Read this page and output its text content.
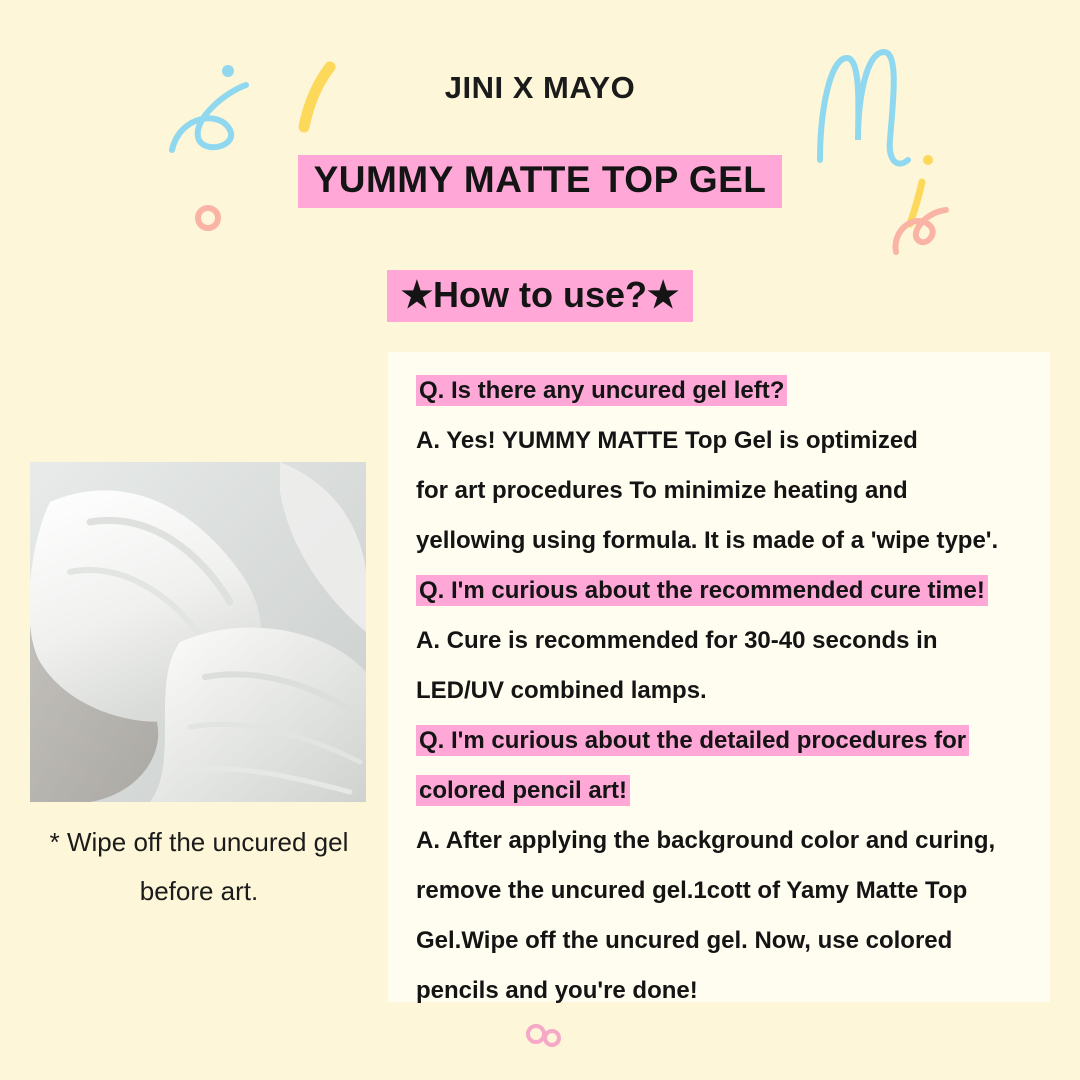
JINI X MAYO
YUMMY MATTE TOP GEL
★How to use?★
* Wipe off the uncured gel
before art.
Q. Is there any uncured gel left?
A. Yes! YUMMY MATTE Top Gel is optimized
for art procedures To minimize heating and
yellowing using formula. It is made of a 'wipe type'.
Q. I'm curious about the recommended cure time!
A. Cure is recommended for 30-40 seconds in
LED/UV combined lamps.
Q. I'm curious about the detailed procedures for
colored pencil art!
A. After applying the background color and curing,
remove the uncured gel.1cott of Yamy Matte Top
Gel.Wipe off the uncured gel. Now, use colored
pencils and you're done!
